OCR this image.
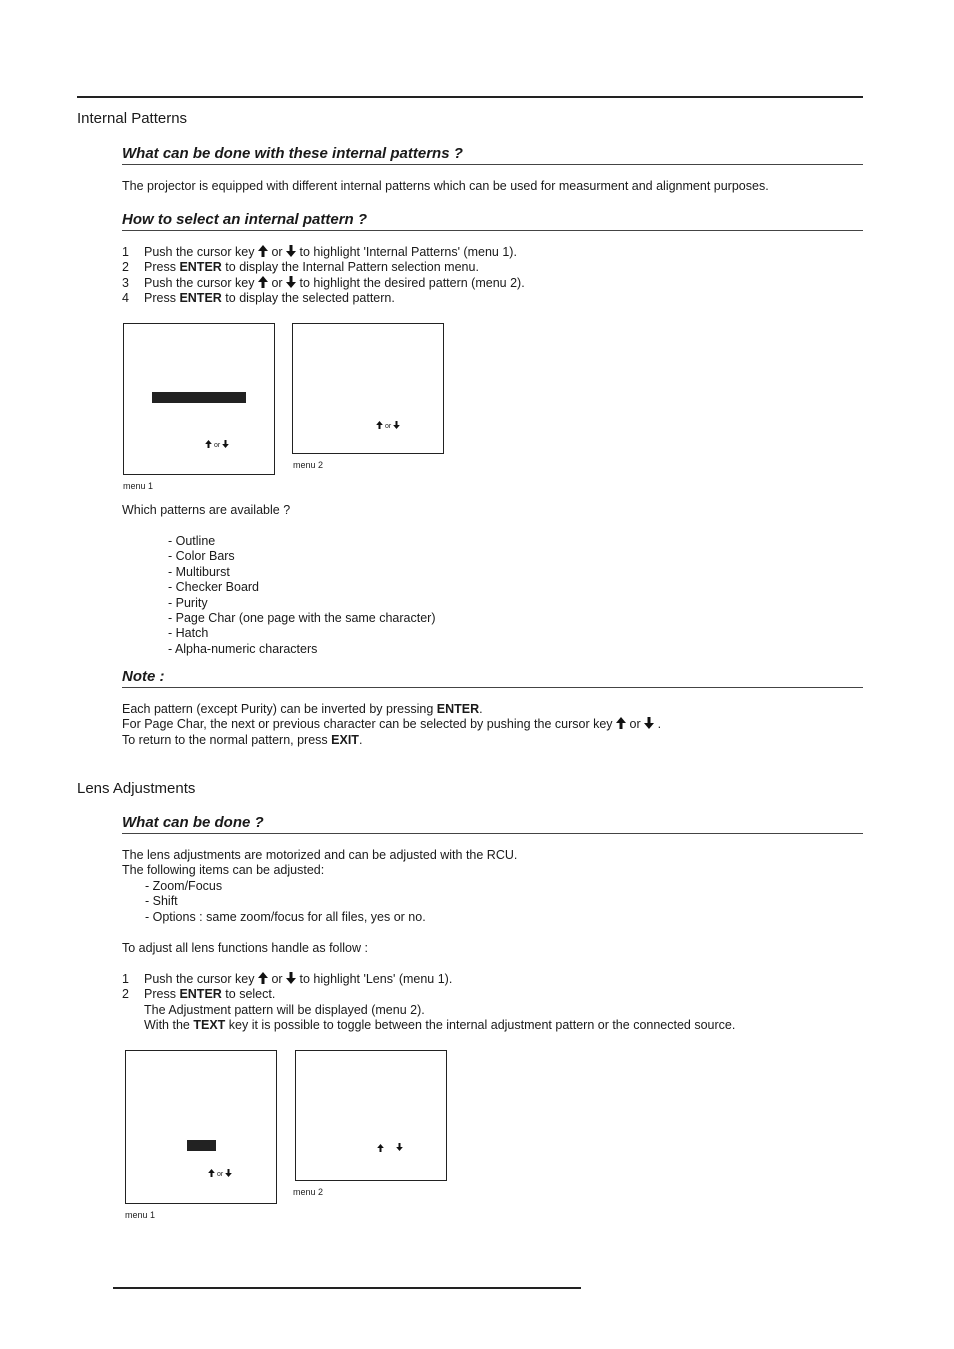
Internal Patterns
What can be done with these internal patterns ?
The projector is equipped with different internal patterns which can be used for measurment and alignment purposes.
How to select an internal pattern ?
1 Push the cursor key or to highlight 'Internal Patterns' (menu 1).
2 Press ENTER to display the Internal Pattern selection menu.
3 Push the cursor key or to highlight the desired pattern (menu 2).
4 Press ENTER to display the selected pattern.
or
menu 1
or
menu 2
Which patterns are available ?
- Outline
- Color Bars
- Multiburst
- Checker Board
- Purity
- Page Char (one page with the same character)
- Hatch
- Alpha-numeric characters
Note :
Each pattern (except Purity) can be inverted by pressing ENTER.
For Page Char, the next or previous character can be selected by pushing the cursor key or .
To return to the normal pattern, press EXIT.
Lens Adjustments
What can be done ?
The lens adjustments are motorized and can be adjusted with the RCU.
The following items can be adjusted:
- Zoom/Focus
- Shift
- Options : same zoom/focus for all files, yes or no.
To adjust all lens functions handle as follow :
1 Push the cursor key or to highlight 'Lens' (menu 1).
2 Press ENTER to select.
The Adjustment pattern will be displayed (menu 2).
With the TEXT key it is possible to toggle between the internal adjustment pattern or the connected source.
or
menu 1
menu 2
